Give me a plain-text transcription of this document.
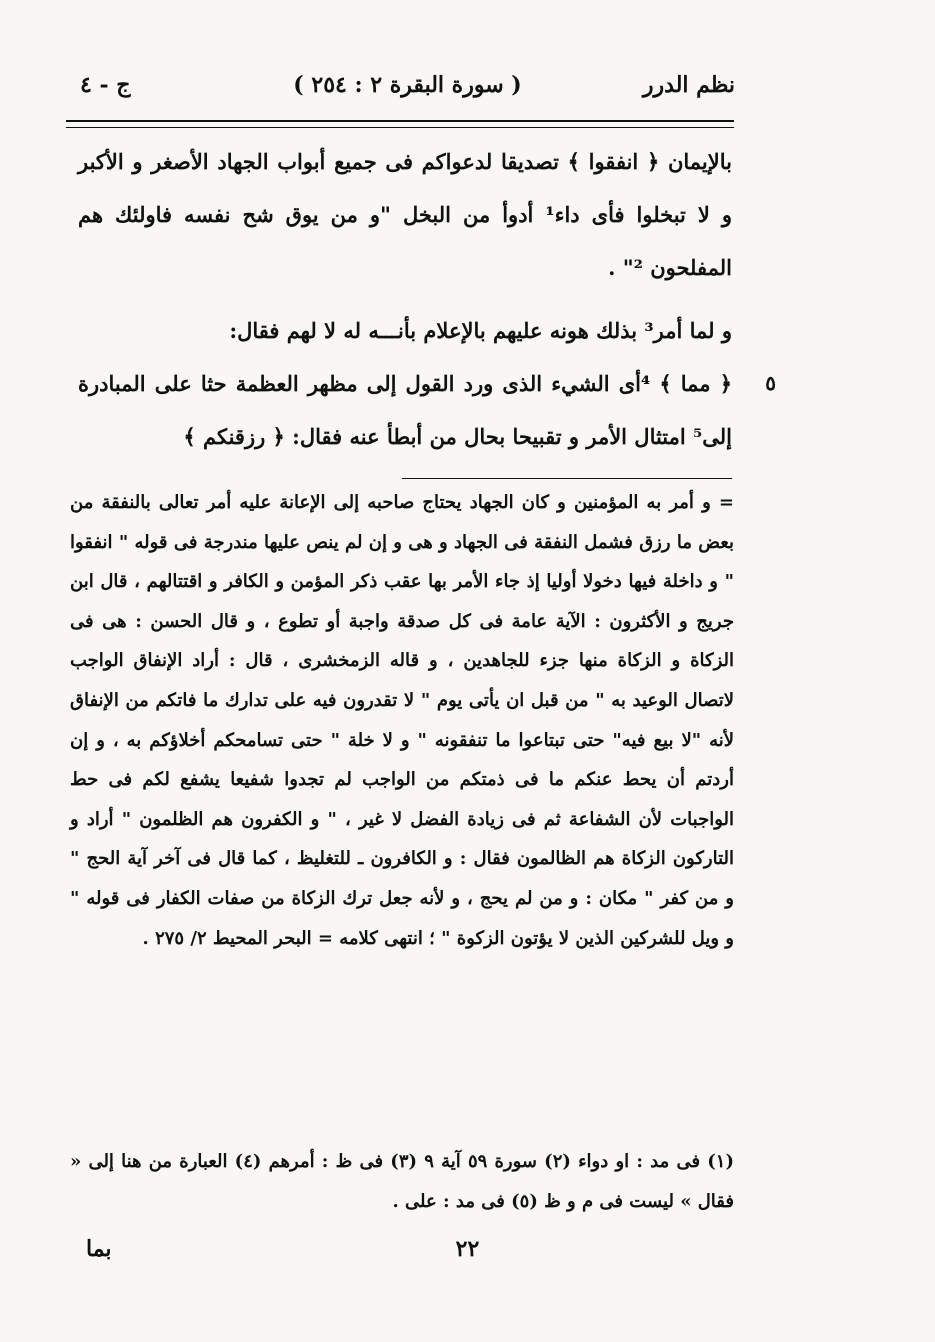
نظم الدرر
( سورة البقرة ٢ : ٢٥٤ )
ج - ٤

بالإيمان ﴿ انفقوا ﴾ تصديقا لدعواكم فى جميع أبواب الجهاد الأصغر و الأكبر و لا تبخلوا فأى داء¹ أدوأ من البخل "و من يوق شح نفسه فاولئك هم المفلحون ²" .

و لما أمر³ بذلك هونه عليهم بالإعلام بأنـــه له لا لهم فقال:

٥

﴿ مما ﴾ ⁴أى الشيء الذى ورد القول إلى مظهر العظمة حثا على المبادرة إلى⁵ امتثال الأمر و تقبيحا بحال من أبطأ عنه فقال: ﴿ رزقنكم ﴾

= و أمر به المؤمنين و كان الجهاد يحتاج صاحبه إلى الإعانة عليه أمر تعالى بالنفقة من بعض ما رزق فشمل النفقة فى الجهاد و هى و إن لم ينص عليها مندرجة فى قوله " انفقوا " و داخلة فيها دخولا أوليا إذ جاء الأمر بها عقب ذكر المؤمن و الكافر و اقتتالهم ، قال ابن جريج و الأكثرون : الآية عامة فى كل صدقة واجبة أو تطوع ، و قال الحسن : هى فى الزكاة و الزكاة منها جزء للجاهدين ، و قاله الزمخشرى ، قال : أراد الإنفاق الواجب لاتصال الوعيد به " من قبل ان يأتى يوم " لا تقدرون فيه على تدارك ما فاتكم من الإنفاق لأنه "لا بيع فيه" حتى تبتاعوا ما تنفقونه " و لا خلة " حتى تسامحكم أخلاؤكم به ، و إن أردتم أن يحط عنكم ما فى ذمتكم من الواجب لم تجدوا شفيعا يشفع لكم فى حط الواجبات لأن الشفاعة ثم فى زيادة الفضل لا غير ، " و الكفرون هم الظلمون " أراد و التاركون الزكاة هم الظالمون فقال : و الكافرون ـ للتغليظ ، كما قال فى آخر آية الحج " و من كفر " مكان : و من لم يحج ، و لأنه جعل ترك الزكاة من صفات الكفار فى قوله " و ويل للشركين الذين لا يؤتون الزكوة " ؛ انتهى كلامه = البحر المحيط ٢/ ٢٧٥ .

(١) فى مد : او دواء (٢) سورة ٥٩ آية ٩ (٣) فى ظ : أمرهم (٤) العبارة من هنا إلى « فقال » ليست فى م و ظ (٥) فى مد : على .

٢٢
بما
